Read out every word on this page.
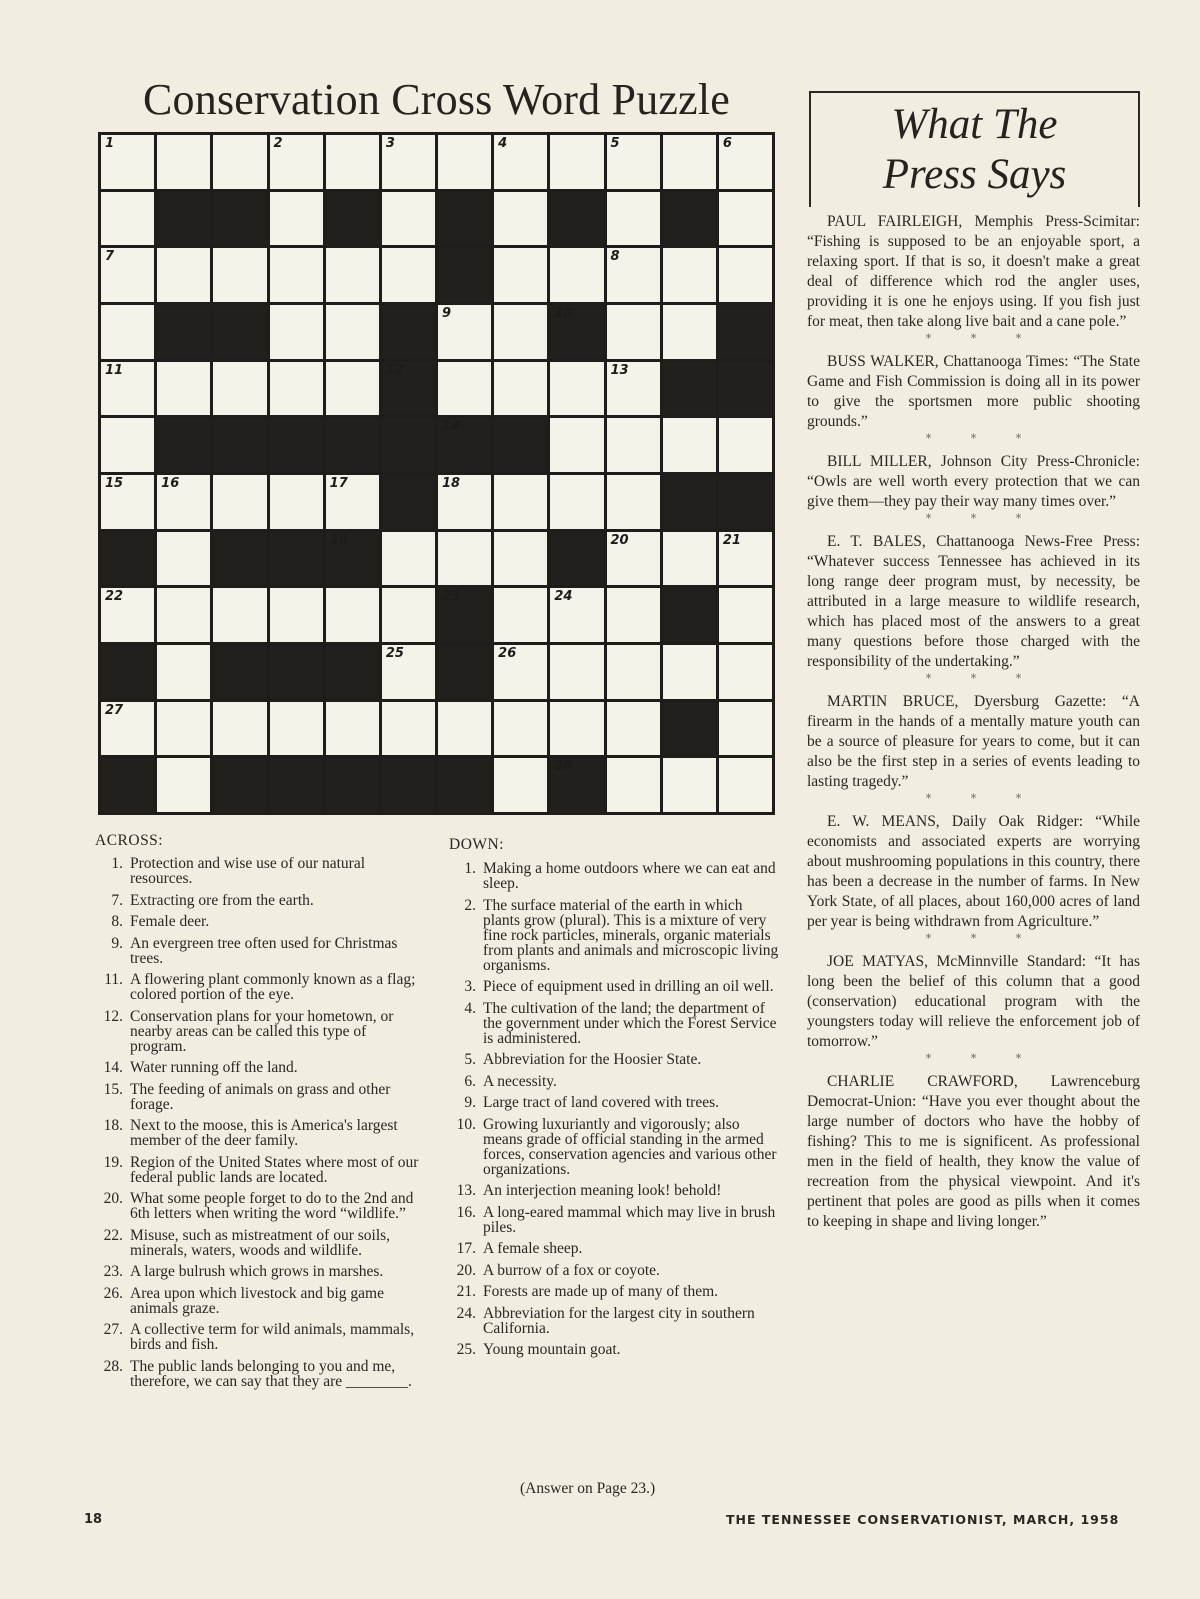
Conservation Cross Word Puzzle
1	2	3	4	5	6
7	8
9	10
11	12	13
14
15	16	17	18
19	20	21
22	23	24
25	26
27
28
ACROSS:
1. Protection and wise use of our natural resources.
7. Extracting ore from the earth.
8. Female deer.
9. An evergreen tree often used for Christmas trees.
11. A flowering plant commonly known as a flag; colored portion of the eye.
12. Conservation plans for your hometown, or nearby areas can be called this type of program.
14. Water running off the land.
15. The feeding of animals on grass and other forage.
18. Next to the moose, this is America's largest member of the deer family.
19. Region of the United States where most of our federal public lands are located.
20. What some people forget to do to the 2nd and 6th letters when writing the word “wildlife.”
22. Misuse, such as mistreatment of our soils, minerals, waters, woods and wildlife.
23. A large bulrush which grows in marshes.
26. Area upon which livestock and big game animals graze.
27. A collective term for wild animals, mammals, birds and fish.
28. The public lands belonging to you and me, therefore, we can say that they are ________.
DOWN:
1. Making a home outdoors where we can eat and sleep.
2. The surface material of the earth in which plants grow (plural). This is a mixture of very fine rock particles, minerals, organic materials from plants and animals and microscopic living organisms.
3. Piece of equipment used in drilling an oil well.
4. The cultivation of the land; the department of the government under which the Forest Service is administered.
5. Abbreviation for the Hoosier State.
6. A necessity.
9. Large tract of land covered with trees.
10. Growing luxuriantly and vigorously; also means grade of official standing in the armed forces, conservation agencies and various other organizations.
13. An interjection meaning look! behold!
16. A long-eared mammal which may live in brush piles.
17. A female sheep.
20. A burrow of a fox or coyote.
21. Forests are made up of many of them.
24. Abbreviation for the largest city in southern California.
25. Young mountain goat.
(Answer on Page 23.)
What The
Press Says

PAUL FAIRLEIGH, Memphis Press-Scimitar: “Fishing is supposed to be an enjoyable sport, a relaxing sport. If that is so, it doesn't make a great deal of difference which rod the angler uses, providing it is one he enjoys using. If you fish just for meat, then take along live bait and a cane pole.”

* * *

BUSS WALKER, Chattanooga Times: “The State Game and Fish Commission is doing all in its power to give the sportsmen more public shooting grounds.”

* * *

BILL MILLER, Johnson City Press-Chronicle: “Owls are well worth every protection that we can give them—they pay their way many times over.”

* * *

E. T. BALES, Chattanooga News-Free Press: “Whatever success Tennessee has achieved in its long range deer program must, by necessity, be attributed in a large measure to wildlife research, which has placed most of the answers to a great many questions before those charged with the responsibility of the undertaking.”

* * *

MARTIN BRUCE, Dyersburg Gazette: “A firearm in the hands of a mentally mature youth can be a source of pleasure for years to come, but it can also be the first step in a series of events leading to lasting tragedy.”

* * *

E. W. MEANS, Daily Oak Ridger: “While economists and associated experts are worrying about mushrooming populations in this country, there has been a decrease in the number of farms. In New York State, of all places, about 160,000 acres of land per year is being withdrawn from Agriculture.”

* * *

JOE MATYAS, McMinnville Standard: “It has long been the belief of this column that a good (conservation) educational program with the youngsters today will relieve the enforcement job of tomorrow.”

* * *

CHARLIE CRAWFORD, Lawrenceburg Democrat-Union: “Have you ever thought about the large number of doctors who have the hobby of fishing? This to me is significent. As professional men in the field of health, they know the value of recreation from the physical viewpoint. And it's pertinent that poles are good as pills when it comes to keeping in shape and living longer.”

18	THE TENNESSEE CONSERVATIONIST, MARCH, 1958
